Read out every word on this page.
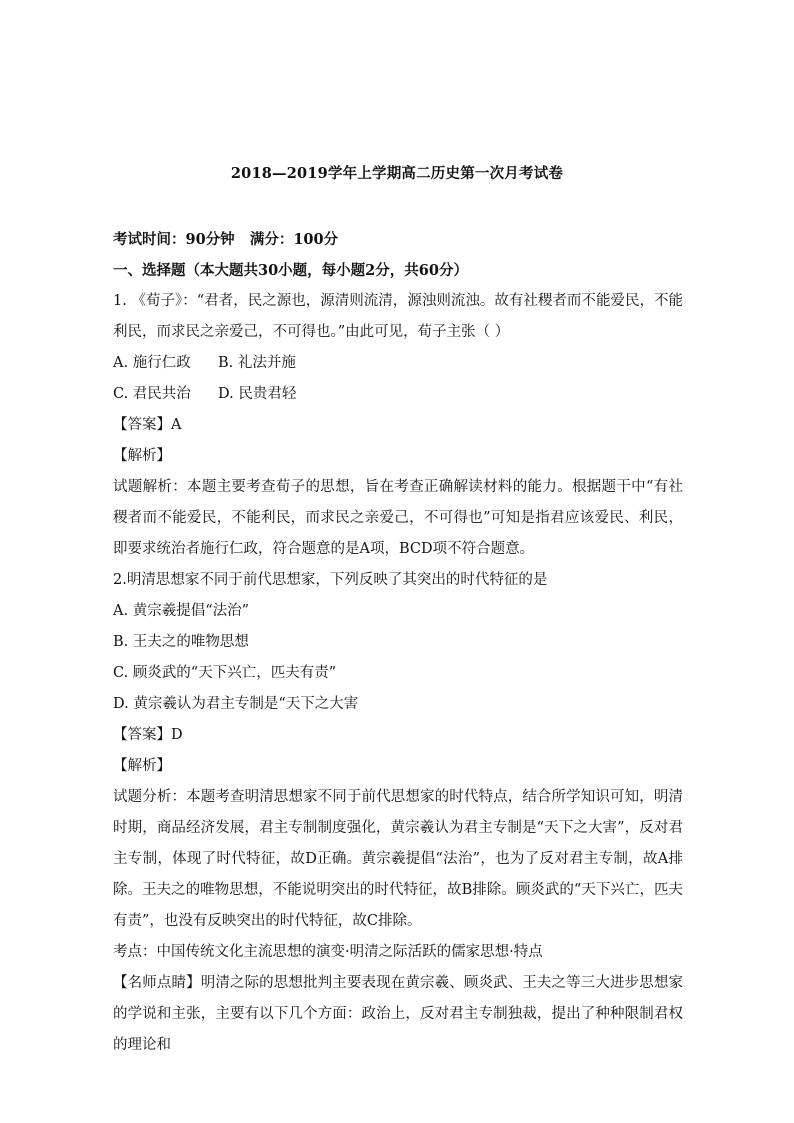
2018—2019学年上学期高二历史第一次月考试卷
考试时间：90分钟   满分：100分
一、选择题（本大题共30小题，每小题2分，共60分）
1. 《荀子》：“君者，民之源也，源清则流清，源浊则流浊。故有社稷者而不能爱民，不能利民，而求民之亲爱己，不可得也。”由此可见，荀子主张（ ）
A. 施行仁政 B. 礼法并施
C. 君民共治 D. 民贵君轻
【答案】A
【解析】
试题解析：本题主要考查荀子的思想，旨在考查正确解读材料的能力。根据题干中“有社稷者而不能爱民，不能利民，而求民之亲爱己，不可得也”可知是指君应该爱民、利民，即要求统治者施行仁政，符合题意的是A项，BCD项不符合题意。
2.明清思想家不同于前代思想家，下列反映了其突出的时代特征的是
A. 黄宗羲提倡“法治”
B. 王夫之的唯物思想
C. 顾炎武的“天下兴亡，匹夫有责”
D. 黄宗羲认为君主专制是“天下之大害
【答案】D
【解析】
试题分析：本题考查明清思想家不同于前代思想家的时代特点，结合所学知识可知，明清时期，商品经济发展，君主专制制度强化，黄宗羲认为君主专制是“天下之大害”，反对君主专制，体现了时代特征，故D正确。黄宗羲提倡“法治”，也为了反对君主专制，故A排除。王夫之的唯物思想，不能说明突出的时代特征，故B排除。顾炎武的“天下兴亡，匹夫有责”，也没有反映突出的时代特征，故C排除。
考点：中国传统文化主流思想的演变·明清之际活跃的儒家思想·特点
【名师点睛】明清之际的思想批判主要表现在黄宗羲、顾炎武、王夫之等三大进步思想家的学说和主张，主要有以下几个方面：政治上，反对君主专制独裁，提出了种种限制君权的理论和
